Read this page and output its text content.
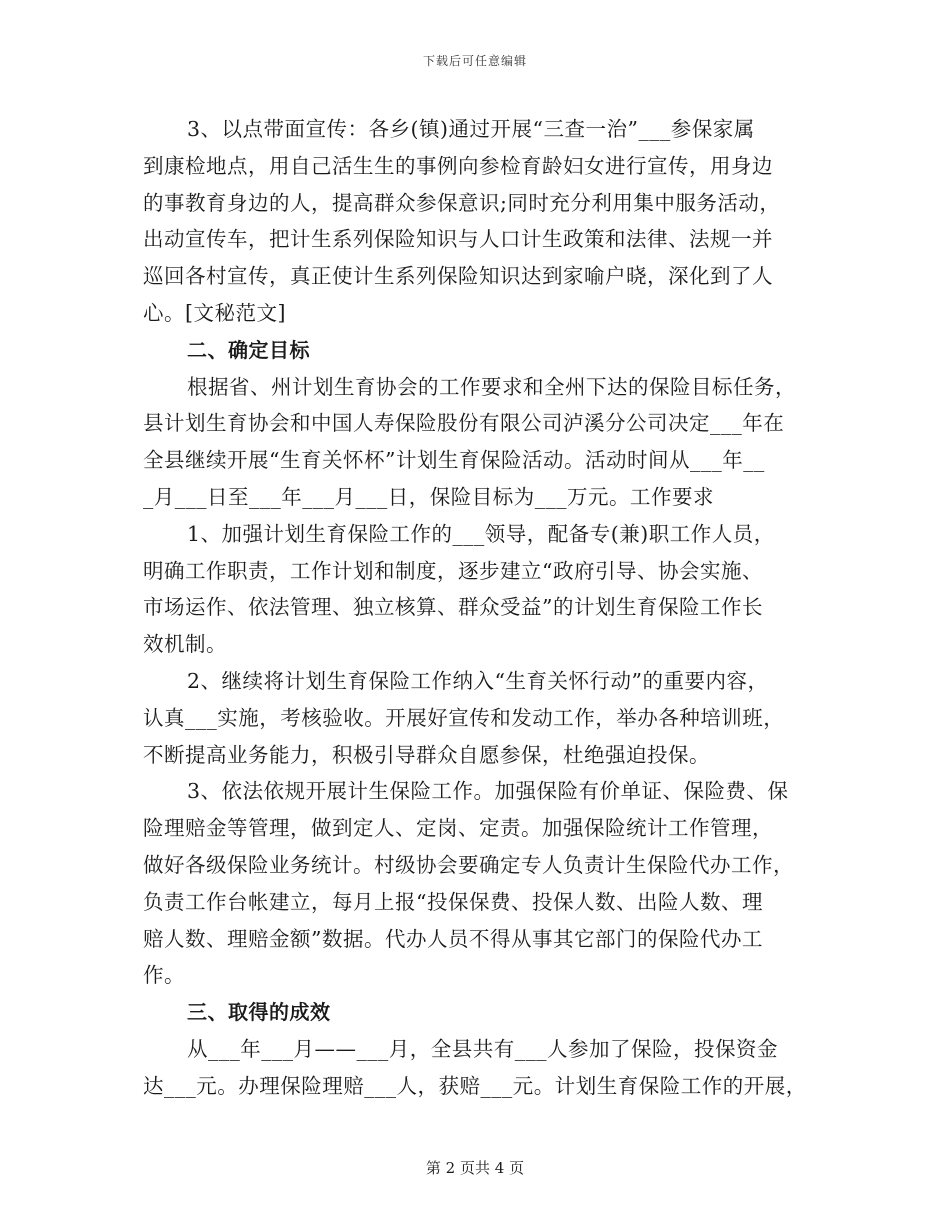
下载后可任意编辑
3、以点带面宣传：各乡(镇)通过开展“三查一治”___参保家属
到康检地点，用自己活生生的事例向参检育龄妇女进行宣传，用身边
的事教育身边的人，提高群众参保意识;同时充分利用集中服务活动，
出动宣传车，把计生系列保险知识与人口计生政策和法律、法规一并
巡回各村宣传，真正使计生系列保险知识达到家喻户晓，深化到了人
心。[文秘范文]
二、确定目标
根据省、州计划生育协会的工作要求和全州下达的保险目标任务，
县计划生育协会和中国人寿保险股份有限公司泸溪分公司决定___年在
全县继续开展“生育关怀杯”计划生育保险活动。活动时间从___年__
_月___日至___年___月___日，保险目标为___万元。工作要求
1、加强计划生育保险工作的___领导，配备专(兼)职工作人员，
明确工作职责，工作计划和制度，逐步建立“政府引导、协会实施、
市场运作、依法管理、独立核算、群众受益”的计划生育保险工作长
效机制。
2、继续将计划生育保险工作纳入“生育关怀行动”的重要内容，
认真___实施，考核验收。开展好宣传和发动工作，举办各种培训班，
不断提高业务能力，积极引导群众自愿参保，杜绝强迫投保。
3、依法依规开展计生保险工作。加强保险有价单证、保险费、保
险理赔金等管理，做到定人、定岗、定责。加强保险统计工作管理，
做好各级保险业务统计。村级协会要确定专人负责计生保险代办工作，
负责工作台帐建立，每月上报“投保保费、投保人数、出险人数、理
赔人数、理赔金额”数据。代办人员不得从事其它部门的保险代办工
作。
三、取得的成效
从___年___月——___月，全县共有___人参加了保险，投保资金
达___元。办理保险理赔___人，获赔___元。计划生育保险工作的开展，
第 2 页共 4 页
